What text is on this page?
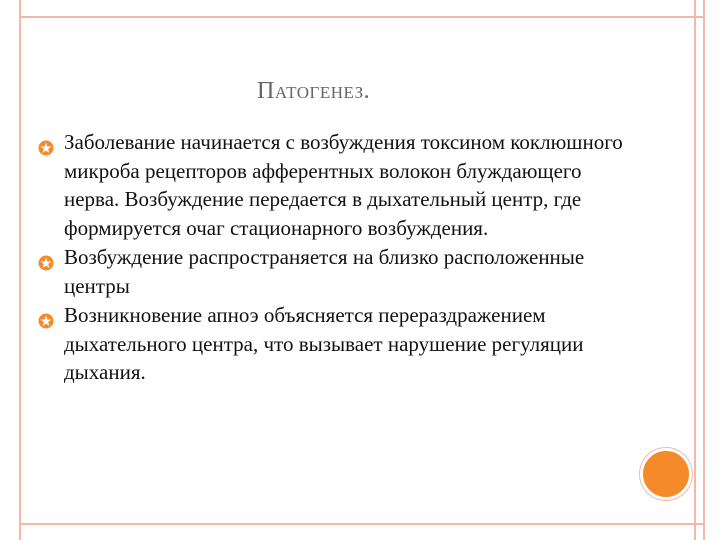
Патогенез.
Заболевание начинается с возбуждения токсином коклюшного микроба рецепторов афферентных волокон блуждающего нерва. Возбуждение передается в дыхательный центр, где формируется очаг стационарного возбуждения.
Возбуждение распространяется на близко расположенные центры
Возникновение апноэ объясняется перераздражением дыхательного центра, что вызывает нарушение регуляции дыхания.
